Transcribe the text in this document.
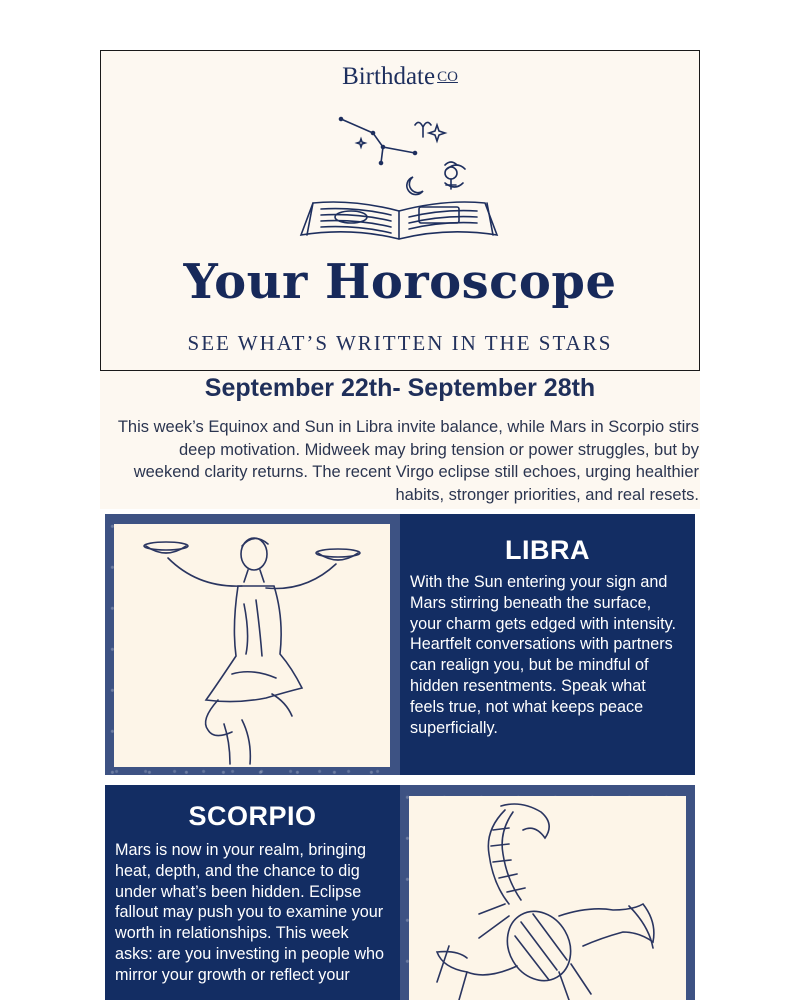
Birthdate CO
Your Horoscope
SEE WHAT’S WRITTEN IN THE STARS
September 22th- September 28th
This week’s Equinox and Sun in Libra invite balance, while Mars in Scorpio stirs deep motivation. Midweek may bring tension or power struggles, but by weekend clarity returns. The recent Virgo eclipse still echoes, urging healthier habits, stronger priorities, and real resets.
LIBRA
With the Sun entering your sign and Mars stirring beneath the surface, your charm gets edged with intensity. Heartfelt conversations with partners can realign you, but be mindful of hidden resentments. Speak what feels true, not what keeps peace superficially.
SCORPIO
Mars is now in your realm, bringing heat, depth, and the chance to dig under what’s been hidden. Eclipse fallout may push you to examine your worth in relationships. This week asks: are you investing in people who mirror your growth or reflect your
